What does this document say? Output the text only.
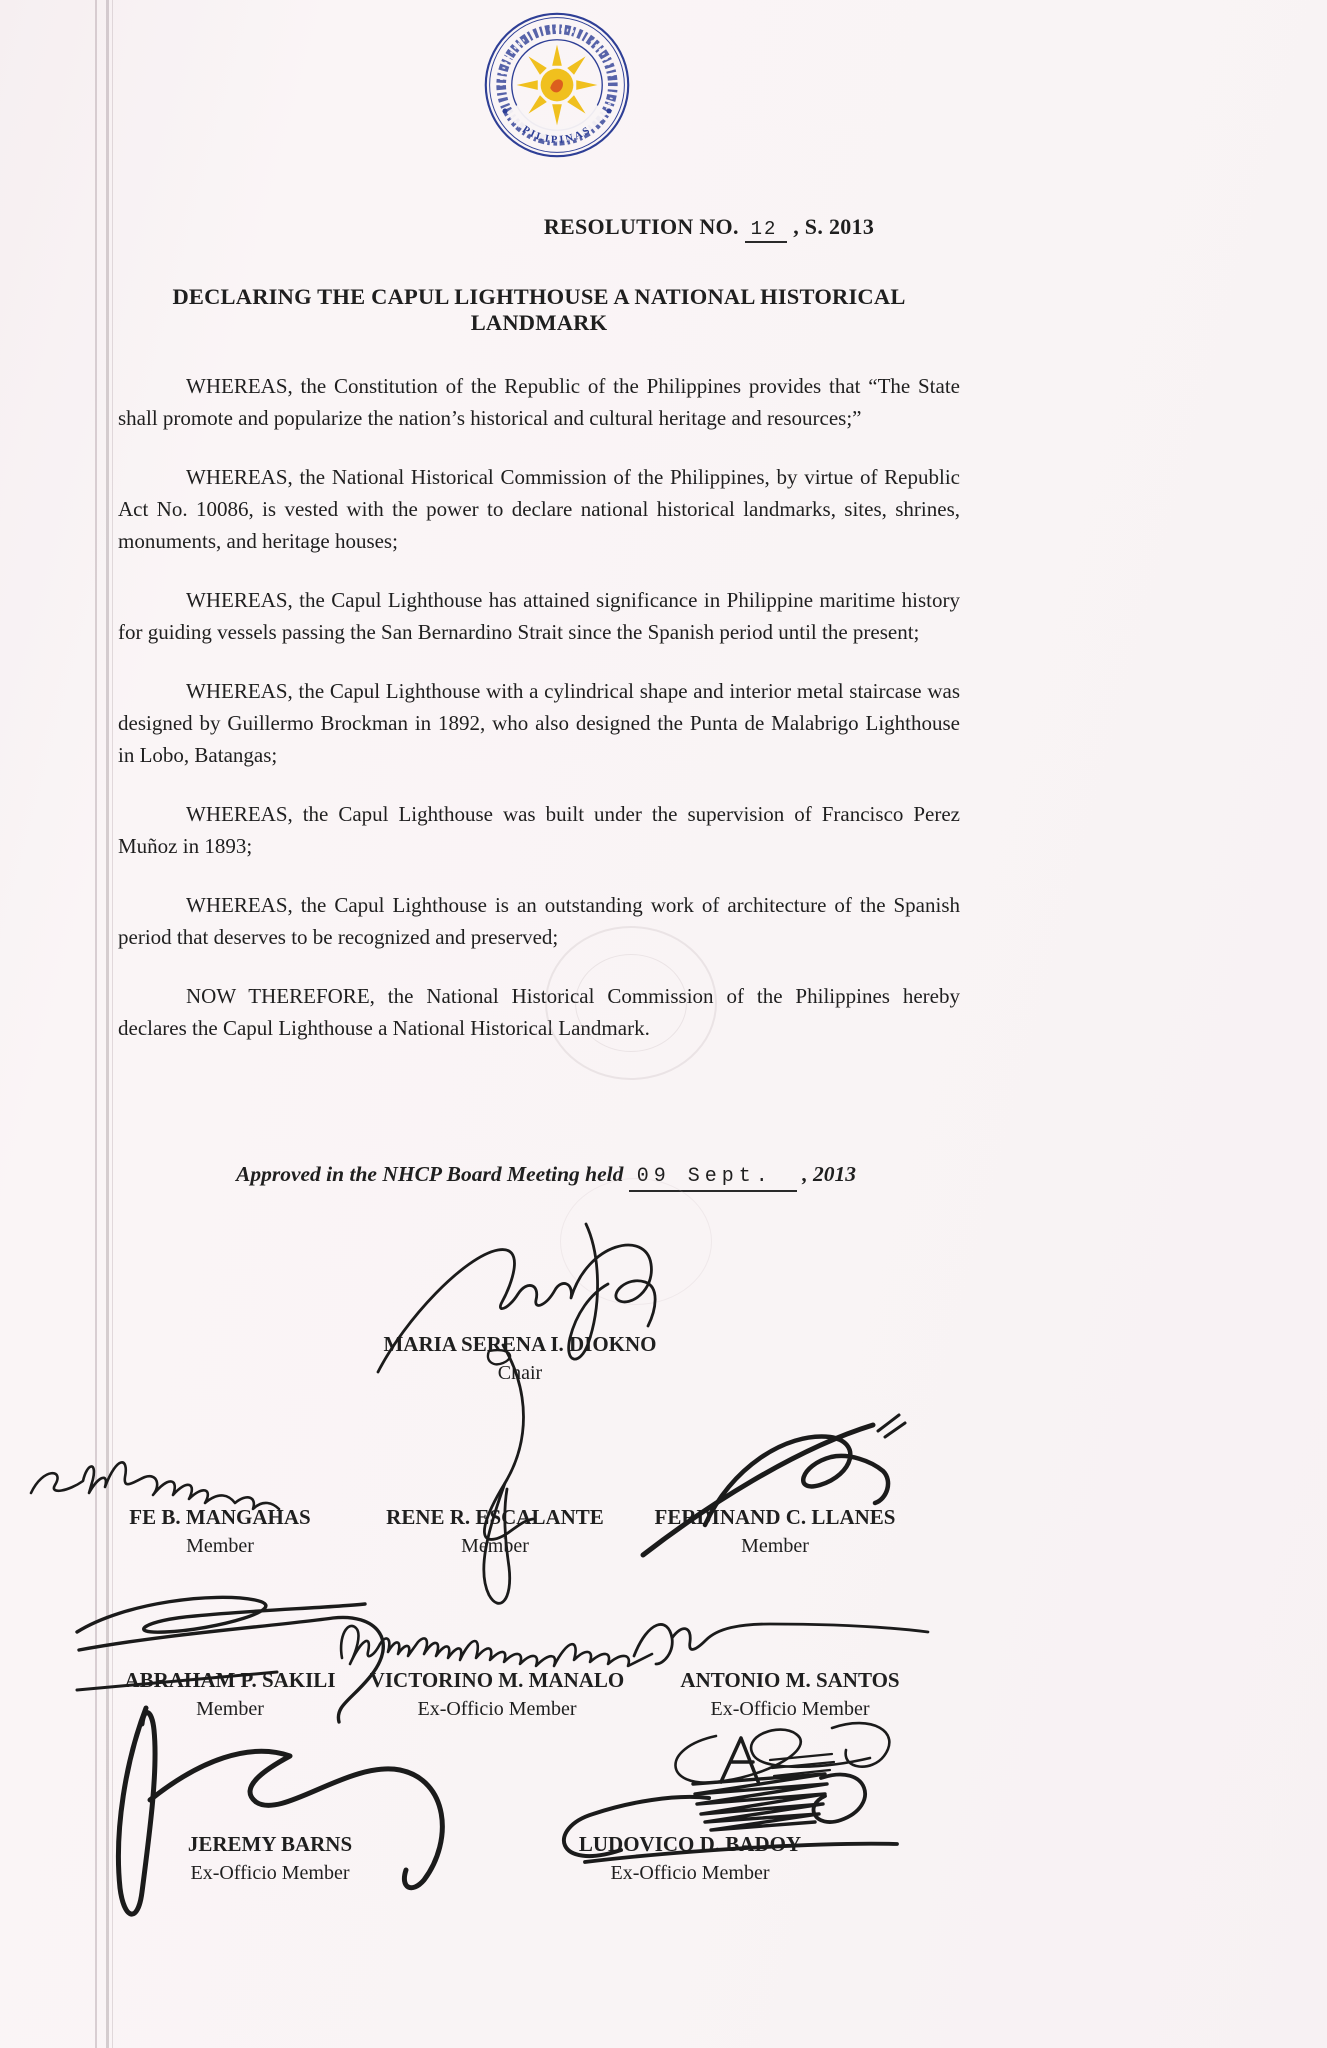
PILIPINAS
RESOLUTION NO. 12 , S. 2013
DECLARING THE CAPUL LIGHTHOUSE A NATIONAL HISTORICAL LANDMARK

WHEREAS, the Constitution of the Republic of the Philippines provides that “The State shall promote and popularize the nation’s historical and cultural heritage and resources;”

WHEREAS, the National Historical Commission of the Philippines, by virtue of Republic Act No. 10086, is vested with the power to declare national historical landmarks, sites, shrines, monuments, and heritage houses;

WHEREAS, the Capul Lighthouse has attained significance in Philippine maritime history for guiding vessels passing the San Bernardino Strait since the Spanish period until the present;

WHEREAS, the Capul Lighthouse with a cylindrical shape and interior metal staircase was designed by Guillermo Brockman in 1892, who also designed the Punta de Malabrigo Lighthouse in Lobo, Batangas;

WHEREAS, the Capul Lighthouse was built under the supervision of Francisco Perez Muñoz in 1893;

WHEREAS, the Capul Lighthouse is an outstanding work of architecture of the Spanish period that deserves to be recognized and preserved;

NOW THEREFORE, the National Historical Commission of the Philippines hereby declares the Capul Lighthouse a National Historical Landmark.

Approved in the NHCP Board Meeting held 09 Sept. , 2013
MARIA SERENA I. DIOKNO
Chair
FE B. MANGAHAS
Member
RENE R. ESCALANTE
Member
FERDINAND C. LLANES
Member
ABRAHAM P. SAKILI
Member
VICTORINO M. MANALO
Ex-Officio Member
ANTONIO M. SANTOS
Ex-Officio Member
JEREMY BARNS
Ex-Officio Member
LUDOVICO D. BADOY
Ex-Officio Member
